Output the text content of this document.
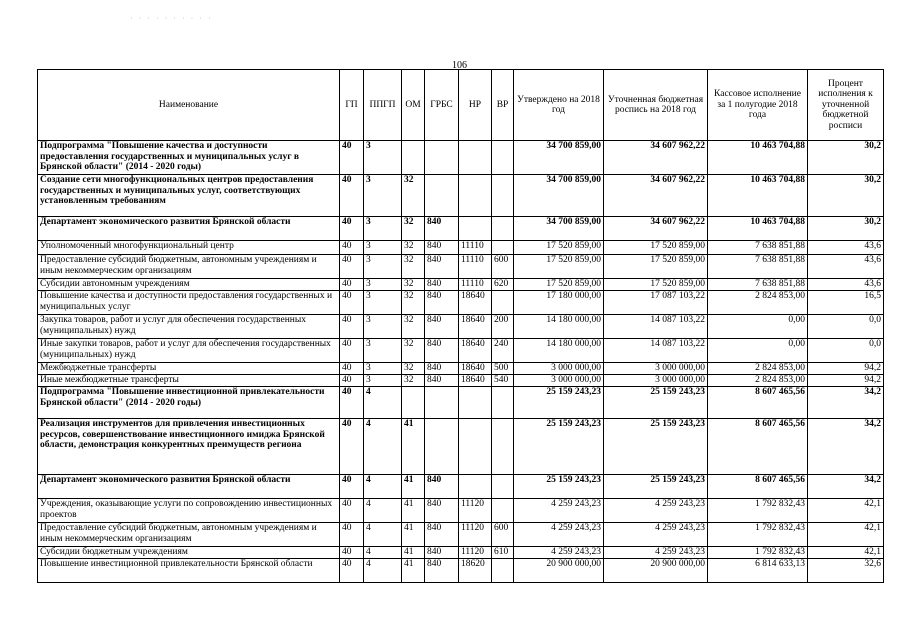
· · · · · · · · · ·
106
Наименование	ГП	ППГП	ОМ	ГРБС	НР	ВР	Утверждено на 2018 год	Уточненная бюджетная роспись на 2018 год	Кассовое исполнение за 1 полугодие 2018 года	Процент исполнения к уточненной бюджетной росписи
Подпрограмма "Повышение качества и доступности предоставления государственных и муниципальных услуг в Брянской области" (2014 - 2020 годы)	40	3					34 700 859,00	34 607 962,22	10 463 704,88	30,2
Создание сети многофункциональных центров предоставления государственных и муниципальных услуг, соответствующих установленным требованиям	40	3	32				34 700 859,00	34 607 962,22	10 463 704,88	30,2
Департамент экономического развития Брянской области	40	3	32	840			34 700 859,00	34 607 962,22	10 463 704,88	30,2
Уполномоченный многофункциональный центр	40	3	32	840	11110		17 520 859,00	17 520 859,00	7 638 851,88	43,6
Предоставление субсидий бюджетным, автономным учреждениям и иным некоммерческим организациям	40	3	32	840	11110	600	17 520 859,00	17 520 859,00	7 638 851,88	43,6
Субсидии автономным учреждениям	40	3	32	840	11110	620	17 520 859,00	17 520 859,00	7 638 851,88	43,6
Повышение качества и доступности предоставления государственных и муниципальных услуг	40	3	32	840	18640		17 180 000,00	17 087 103,22	2 824 853,00	16,5
Закупка товаров, работ и услуг для обеспечения государственных (муниципальных) нужд	40	3	32	840	18640	200	14 180 000,00	14 087 103,22	0,00	0,0
Иные закупки товаров, работ и услуг для обеспечения государственных (муниципальных) нужд	40	3	32	840	18640	240	14 180 000,00	14 087 103,22	0,00	0,0
Межбюджетные трансферты	40	3	32	840	18640	500	3 000 000,00	3 000 000,00	2 824 853,00	94,2
Иные межбюджетные трансферты	40	3	32	840	18640	540	3 000 000,00	3 000 000,00	2 824 853,00	94,2
Подпрограмма "Повышение инвестиционной привлекательности Брянской области" (2014 - 2020 годы)	40	4					25 159 243,23	25 159 243,23	8 607 465,56	34,2
Реализация инструментов для привлечения инвестиционных ресурсов, совершенствование инвестиционного имиджа Брянской области, демонстрация конкурентных преимуществ региона	40	4	41				25 159 243,23	25 159 243,23	8 607 465,56	34,2
Департамент экономического развития Брянской области	40	4	41	840			25 159 243,23	25 159 243,23	8 607 465,56	34,2
Учреждения, оказывающие услуги по сопровождению инвестиционных проектов	40	4	41	840	11120		4 259 243,23	4 259 243,23	1 792 832,43	42,1
Предоставление субсидий бюджетным, автономным учреждениям и иным некоммерческим организациям	40	4	41	840	11120	600	4 259 243,23	4 259 243,23	1 792 832,43	42,1
Субсидии бюджетным учреждениям	40	4	41	840	11120	610	4 259 243,23	4 259 243,23	1 792 832,43	42,1
Повышение инвестиционной привлекательности Брянской области	40	4	41	840	18620		20 900 000,00	20 900 000,00	6 814 633,13	32,6
